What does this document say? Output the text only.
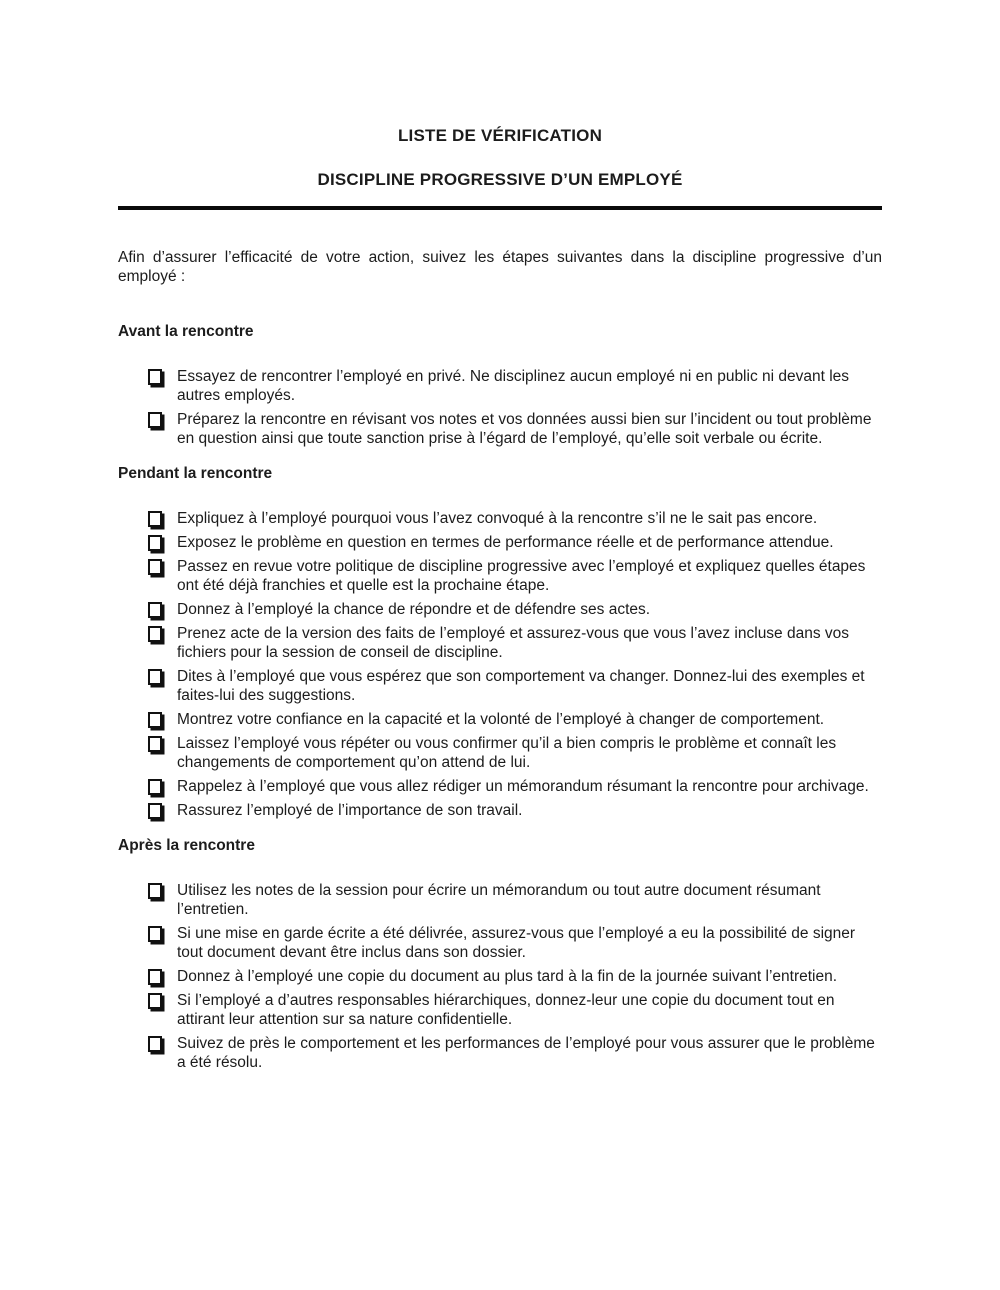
LISTE DE VÉRIFICATION
DISCIPLINE PROGRESSIVE D’UN EMPLOYÉ

Afin d’assurer l’efficacité de votre action, suivez les étapes suivantes dans la discipline progressive d’un employé :

Avant la rencontre
Essayez de rencontrer l’employé en privé. Ne disciplinez aucun employé ni en public ni devant les autres employés.
Préparez la rencontre en révisant vos notes et vos données aussi bien sur l’incident ou tout problème en question ainsi que toute sanction prise à l’égard de l’employé, qu’elle soit verbale ou écrite.
Pendant la rencontre
Expliquez à l’employé pourquoi vous l’avez convoqué à la rencontre s’il ne le sait pas encore.
Exposez le problème en question en termes de performance réelle et de performance attendue.
Passez en revue votre politique de discipline progressive avec l’employé et expliquez quelles étapes ont été déjà franchies et quelle est la prochaine étape.
Donnez à l’employé la chance de répondre et de défendre ses actes.
Prenez acte de la version des faits de l’employé et assurez-vous que vous l’avez incluse dans vos fichiers pour la session de conseil de discipline.
Dites à l’employé que vous espérez que son comportement va changer. Donnez-lui des exemples et faites-lui des suggestions.
Montrez votre confiance en la capacité et la volonté de l’employé à changer de comportement.
Laissez l’employé vous répéter ou vous confirmer qu’il a bien compris le problème et connaît les changements de comportement qu’on attend de lui.
Rappelez à l’employé que vous allez rédiger un mémorandum résumant la rencontre pour archivage.
Rassurez l’employé de l’importance de son travail.
Après la rencontre
Utilisez les notes de la session pour écrire un mémorandum ou tout autre document résumant l’entretien.
Si une mise en garde écrite a été délivrée, assurez-vous que l’employé a eu la possibilité de signer tout document devant être inclus dans son dossier.
Donnez à l’employé une copie du document au plus tard à la fin de la journée suivant l’entretien.
Si l’employé a d’autres responsables hiérarchiques, donnez-leur une copie du document tout en attirant leur attention sur sa nature confidentielle.
Suivez de près le comportement et les performances de l’employé pour vous assurer que le problème a été résolu.
